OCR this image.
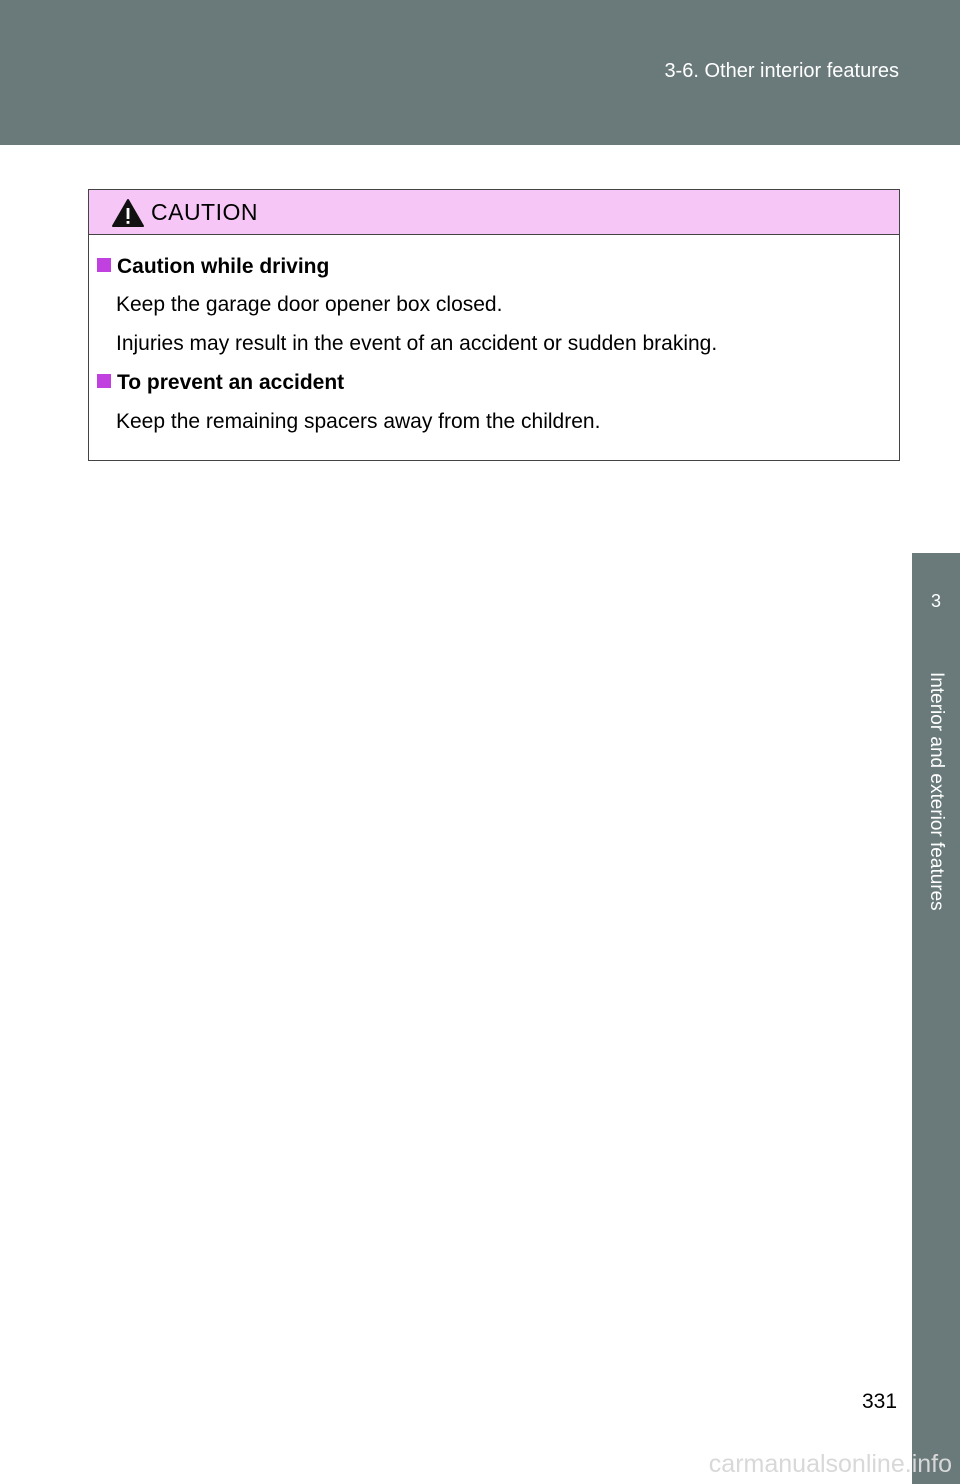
3-6. Other interior features
3
Interior and exterior features
CAUTION
Caution while driving
Keep the garage door opener box closed.
Injuries may result in the event of an accident or sudden braking.
To prevent an accident
Keep the remaining spacers away from the children.
331
carmanualsonline.info
